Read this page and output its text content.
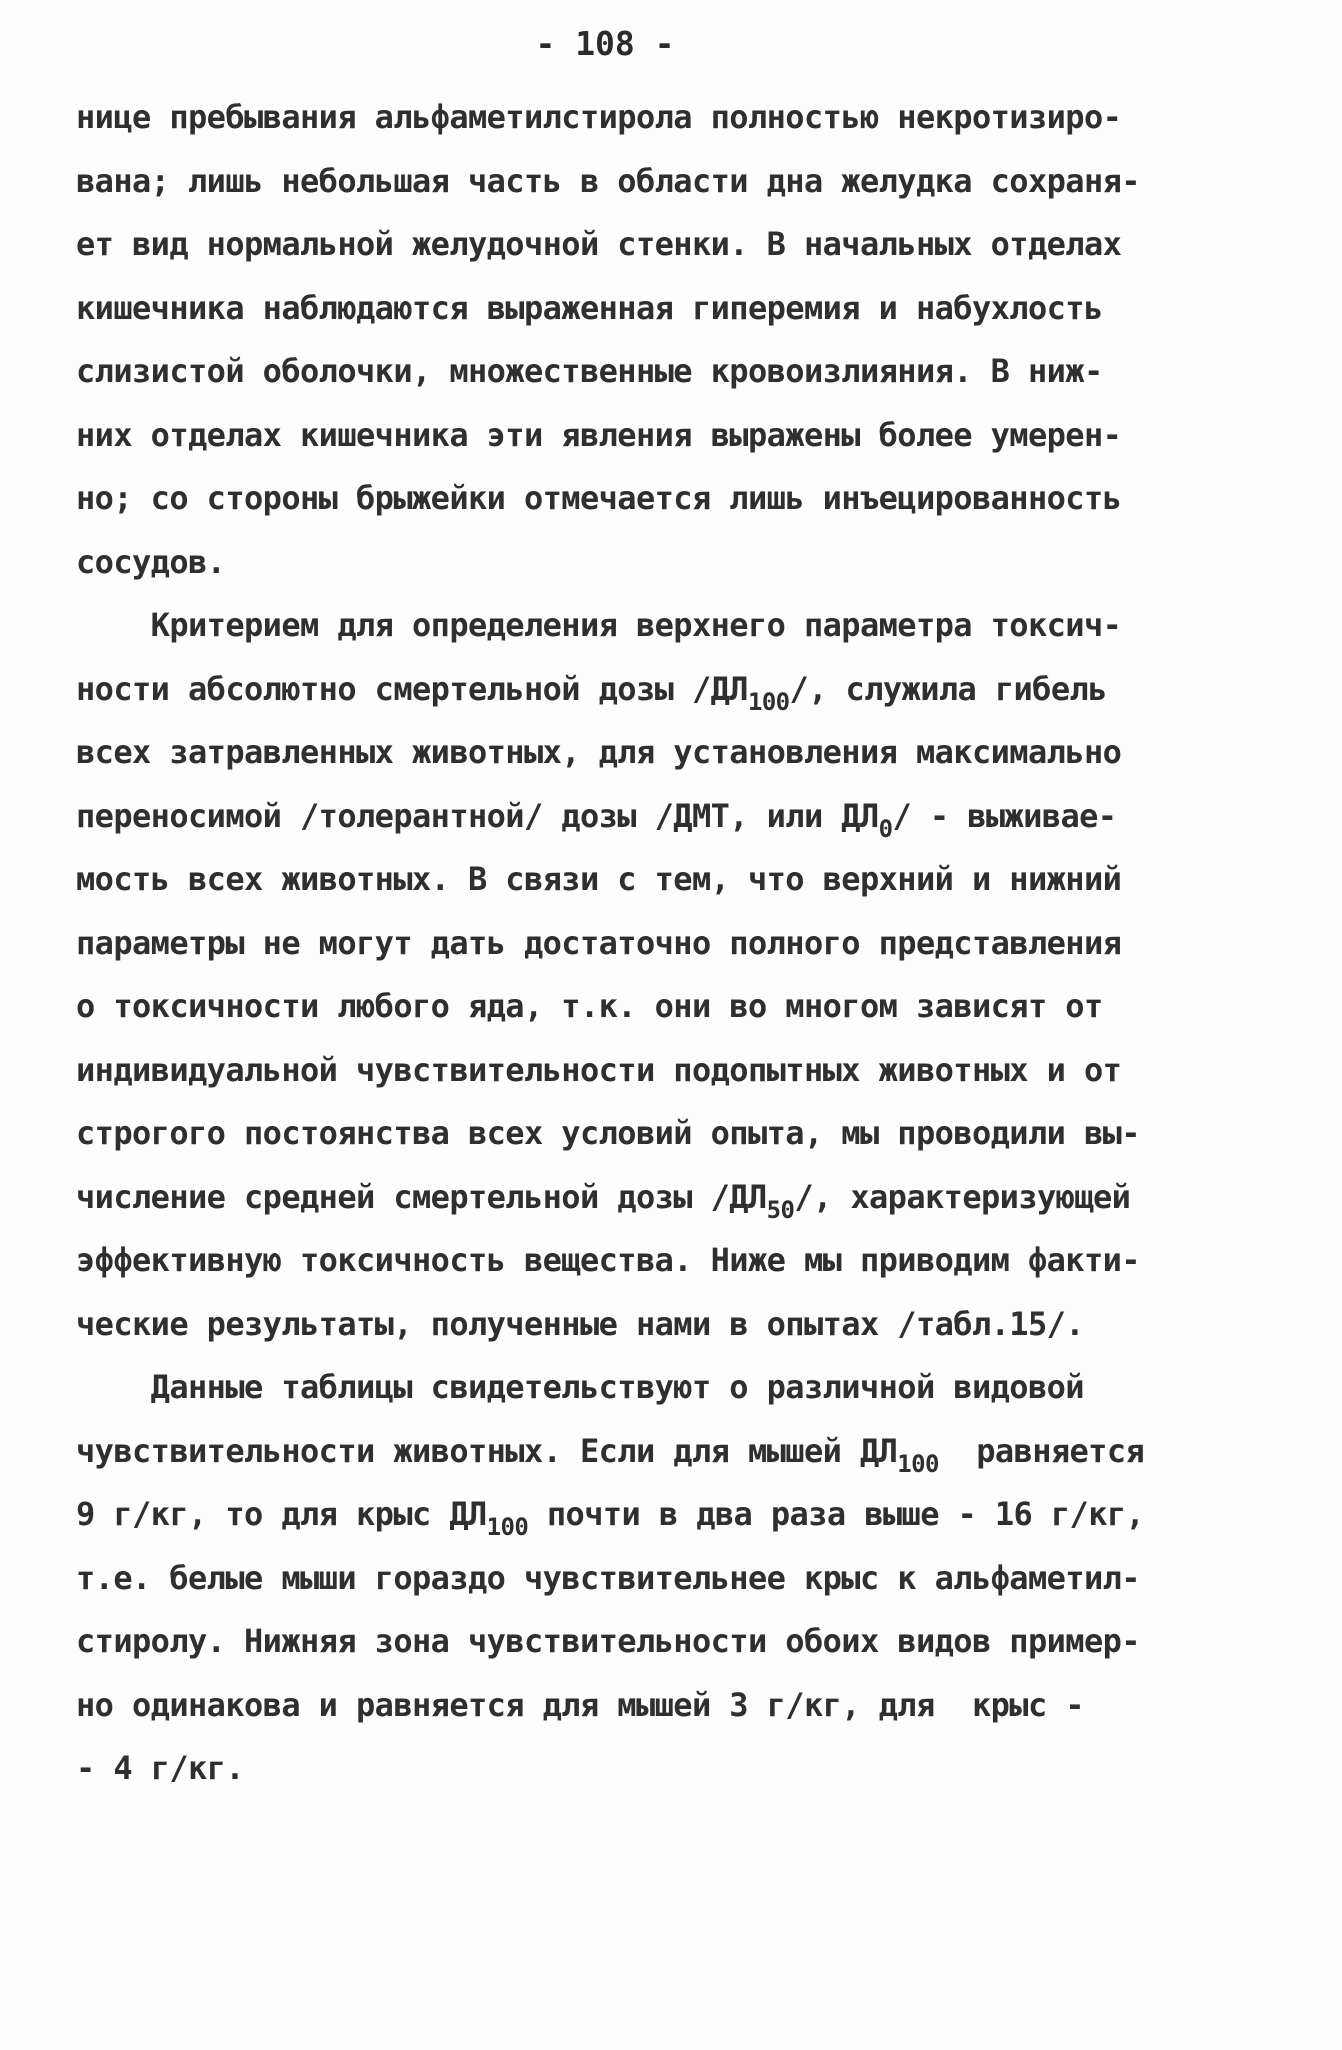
- 108 -
нице пребывания альфаметилстирола полностью некротизиро-
вана; лишь небольшая часть в области дна желудка сохраня-
ет вид нормальной желудочной стенки. В начальных отделах
кишечника наблюдаются выраженная гиперемия и набухлость
слизистой оболочки, множественные кровоизлияния. В ниж-
них отделах кишечника эти явления выражены более умерен-
но; со стороны брыжейки отмечается лишь инъецированность
сосудов.
Критерием для определения верхнего параметра токсич-
ности абсолютно смертельной дозы $/ДЛ_{100}/$, служила гибель
всех затравленных животных, для установления максимально
переносимой /толерантной/ дозы /ДМТ, или $ДЛ_0/$ - выживае-
мость всех животных. В связи с тем, что верхний и нижний
параметры не могут дать достаточно полного представления
о токсичности любого яда, т.к. они во многом зависят от
индивидуальной чувствительности подопытных животных и от
строгого постоянства всех условий опыта, мы проводили вы-
числение средней смертельной дозы $/ДЛ_{50}/$, характеризующей
эффективную токсичность вещества. Ниже мы приводим факти-
ческие результаты, полученные нами в опытах /табл.15/.
Данные таблицы свидетельствуют о различной видовой
чувствительности животных. Если для мышей $ДЛ_{100}$  равняется
9 г/кг, то для крыс $ДЛ_{100}$ почти в два раза выше - 16 г/кг,
т.е. белые мыши гораздо чувствительнее крыс к альфаметил-
стиролу. Нижняя зона чувствительности обоих видов пример-
но одинакова и равняется для мышей 3 г/кг, для  крыс -
- 4 г/кг.
